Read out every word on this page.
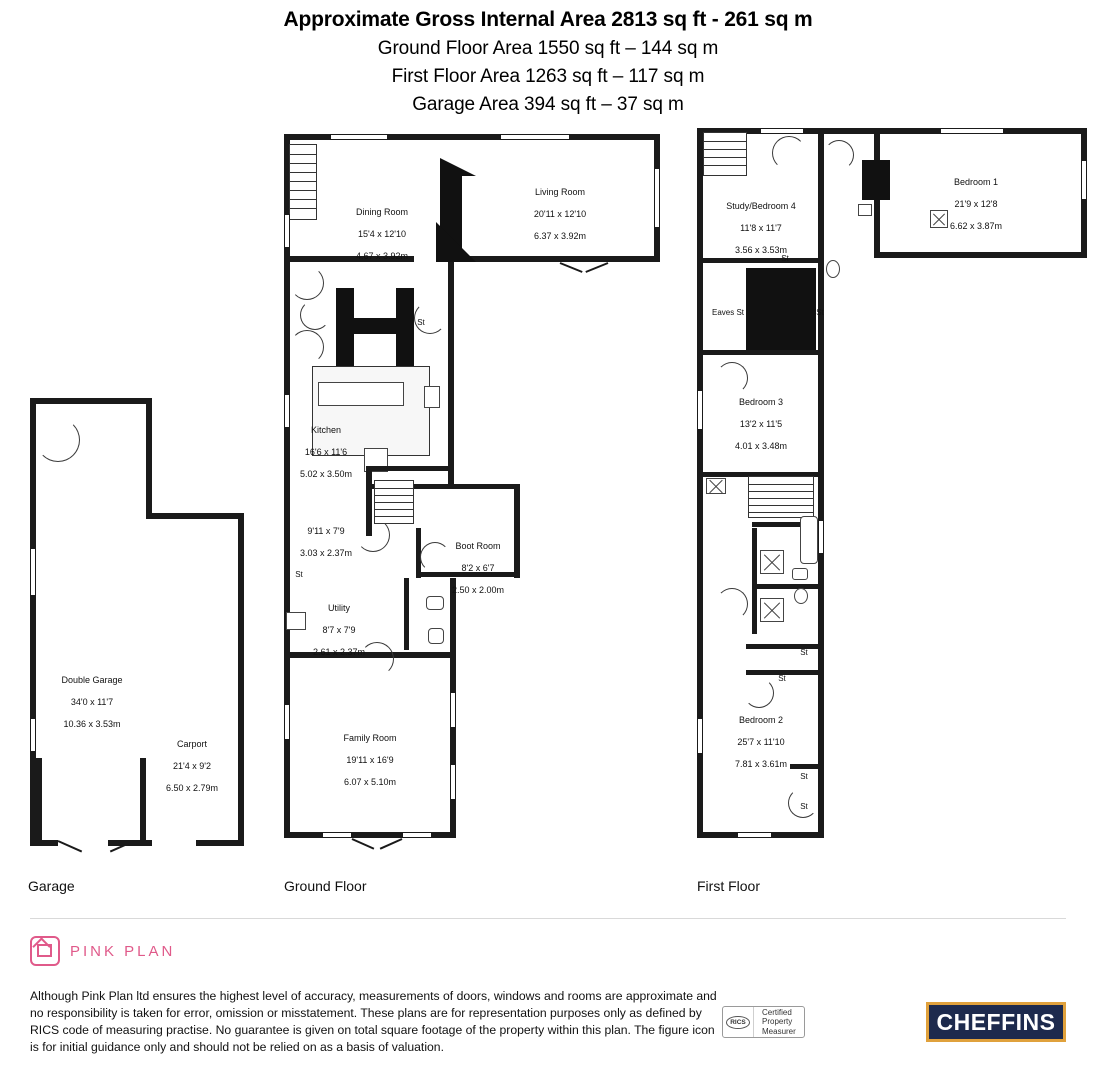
Approximate Gross Internal Area 2813 sq ft - 261 sq m
Ground Floor Area 1550 sq ft – 144 sq m
First Floor Area 1263 sq ft – 117 sq m
Garage Area 394 sq ft – 37 sq m

Double Garage

34'0 x 11'7

10.36 x 3.53m

Carport

21'4 x 9'2

6.50 x 2.79m

Garage
St
St

Dining Room

15'4 x 12'10

4.67 x 3.92m

Living Room

20'11 x 12'10

6.37 x 3.92m

Kitchen

16'6 x 11'6

5.02 x 3.50m

9'11 x 7'9

3.03 x 2.37m

Boot Room

8'2 x 6'7

2.50 x 2.00m

Utility

8'7 x 7'9

2.61 x 2.37m

Family Room

19'11 x 16'9

6.07 x 5.10m

Ground Floor
St
Eaves St	St
St
St
St
St

Study/Bedroom 4

11'8 x 11'7

3.56 x 3.53m

Bedroom 1

21'9 x 12'8

6.62 x 3.87m

Bedroom 3

13'2 x 11'5

4.01 x 3.48m

Bedroom 2

25'7 x 11'10

7.81 x 3.61m

First Floor
PINK PLAN
Although Pink Plan ltd ensures the highest level of accuracy, measurements of doors, windows and rooms are approximate and no responsibility is taken for error, omission or misstatement. These plans are for representation purposes only as defined by RICS code of measuring practise. No guarantee is given on total square footage of the property within this plan. The figure icon is for initial guidance only and should not be relied on as a basis of valuation.
RICS
Certified
Property
Measurer	CHEFFINS
